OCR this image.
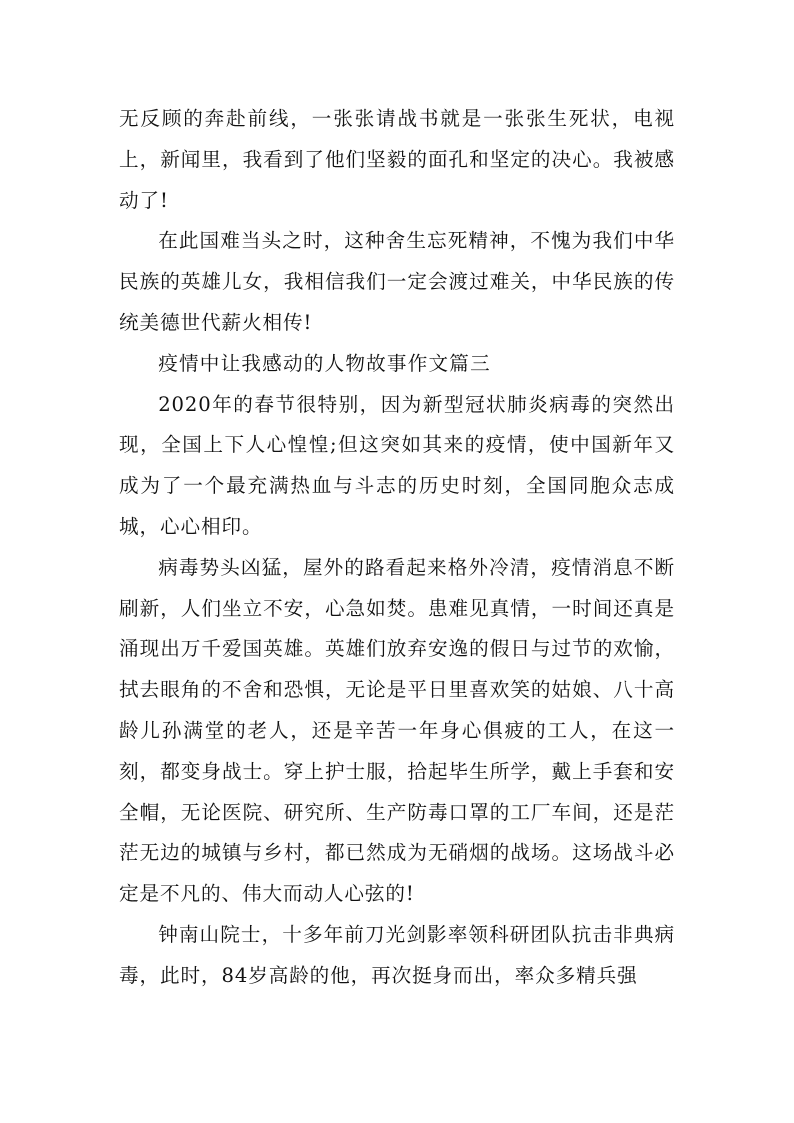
无反顾的奔赴前线，一张张请战书就是一张张生死状，电视上，新闻里，我看到了他们坚毅的面孔和坚定的决心。我被感动了!

在此国难当头之时，这种舍生忘死精神，不愧为我们中华民族的英雄儿女，我相信我们一定会渡过难关，中华民族的传统美德世代薪火相传!

疫情中让我感动的人物故事作文篇三

2020年的春节很特别，因为新型冠状肺炎病毒的突然出现，全国上下人心惶惶;但这突如其来的疫情，使中国新年又成为了一个最充满热血与斗志的历史时刻，全国同胞众志成城，心心相印。

病毒势头凶猛，屋外的路看起来格外冷清，疫情消息不断刷新，人们坐立不安，心急如焚。患难见真情，一时间还真是涌现出万千爱国英雄。英雄们放弃安逸的假日与过节的欢愉，拭去眼角的不舍和恐惧，无论是平日里喜欢笑的姑娘、八十高龄儿孙满堂的老人，还是辛苦一年身心俱疲的工人，在这一刻，都变身战士。穿上护士服，拾起毕生所学，戴上手套和安全帽，无论医院、研究所、生产防毒口罩的工厂车间，还是茫茫无边的城镇与乡村，都已然成为无硝烟的战场。这场战斗必定是不凡的、伟大而动人心弦的!

钟南山院士，十多年前刀光剑影率领科研团队抗击非典病毒，此时，84岁高龄的他，再次挺身而出，率众多精兵强
